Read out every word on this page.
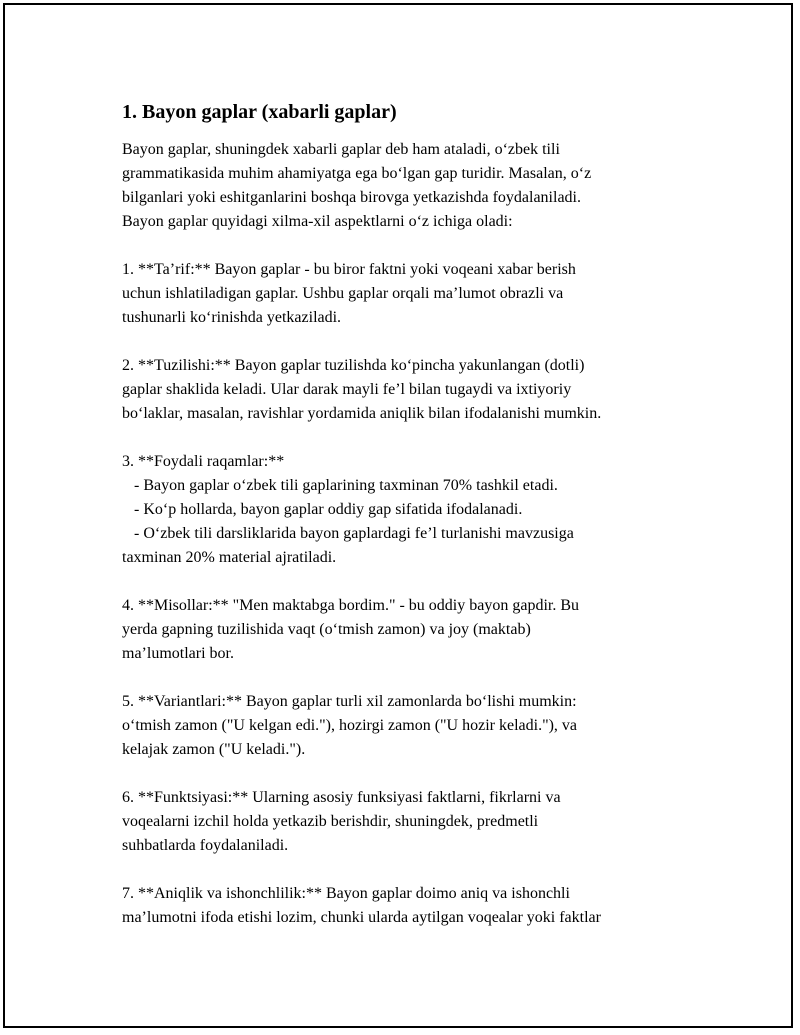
1. Bayon gaplar (xabarli gaplar)
Bayon gaplar, shuningdek xabarli gaplar deb ham ataladi, o‘zbek tili
grammatikasida muhim ahamiyatga ega bo‘lgan gap turidir. Masalan, o‘z
bilganlari yoki eshitganlarini boshqa birovga yetkazishda foydalaniladi.
Bayon gaplar quyidagi xilma-xil aspektlarni o‘z ichiga oladi:
1. **Ta’rif:** Bayon gaplar - bu biror faktni yoki voqeani xabar berish
uchun ishlatiladigan gaplar. Ushbu gaplar orqali ma’lumot obrazli va
tushunarli ko‘rinishda yetkaziladi.
2. **Tuzilishi:** Bayon gaplar tuzilishda ko‘pincha yakunlangan (dotli)
gaplar shaklida keladi. Ular darak mayli fe’l bilan tugaydi va ixtiyoriy
bo‘laklar, masalan, ravishlar yordamida aniqlik bilan ifodalanishi mumkin.
3. **Foydali raqamlar:**
- Bayon gaplar o‘zbek tili gaplarining taxminan 70% tashkil etadi.
- Ko‘p hollarda, bayon gaplar oddiy gap sifatida ifodalanadi.
- O‘zbek tili darsliklarida bayon gaplardagi fe’l turlanishi mavzusiga
taxminan 20% material ajratiladi.
4. **Misollar:** "Men maktabga bordim." - bu oddiy bayon gapdir. Bu
yerda gapning tuzilishida vaqt (o‘tmish zamon) va joy (maktab)
ma’lumotlari bor.
5. **Variantlari:** Bayon gaplar turli xil zamonlarda bo‘lishi mumkin:
o‘tmish zamon ("U kelgan edi."), hozirgi zamon ("U hozir keladi."), va
kelajak zamon ("U keladi.").
6. **Funktsiyasi:** Ularning asosiy funksiyasi faktlarni, fikrlarni va
voqealarni izchil holda yetkazib berishdir, shuningdek, predmetli
suhbatlarda foydalaniladi.
7. **Aniqlik va ishonchlilik:** Bayon gaplar doimo aniq va ishonchli
ma’lumotni ifoda etishi lozim, chunki ularda aytilgan voqealar yoki faktlar
